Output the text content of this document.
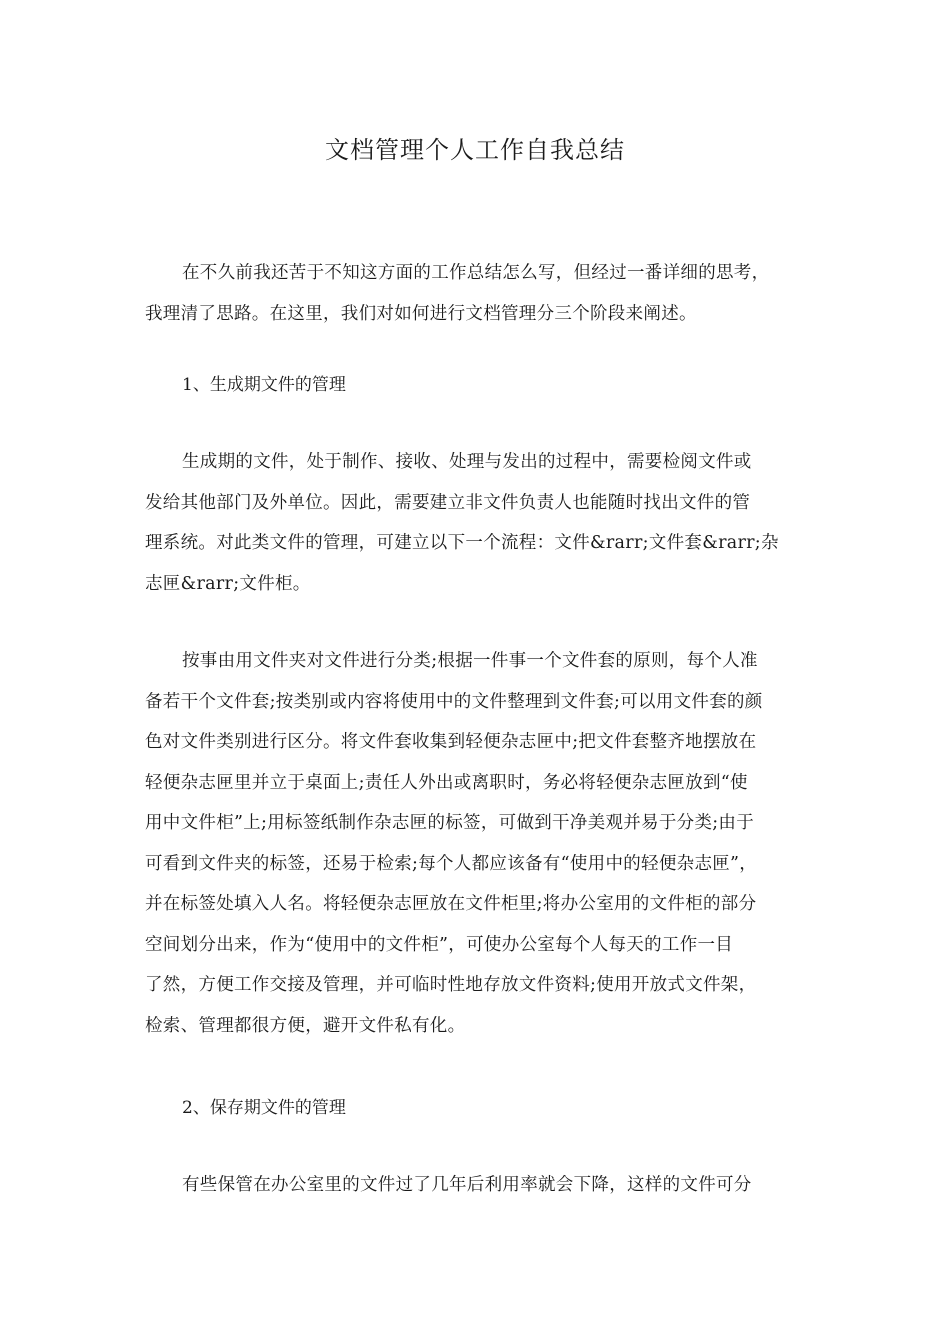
文档管理个人工作自我总结
在不久前我还苦于不知这方面的工作总结怎么写，但经过一番详细的思考，
我理清了思路。在这里，我们对如何进行文档管理分三个阶段来阐述。
1、生成期文件的管理
生成期的文件，处于制作、接收、处理与发出的过程中，需要检阅文件或
发给其他部门及外单位。因此，需要建立非文件负责人也能随时找出文件的管
理系统。对此类文件的管理，可建立以下一个流程：文件&rarr;文件套&rarr;杂
志匣&rarr;文件柜。
按事由用文件夹对文件进行分类;根据一件事一个文件套的原则，每个人准
备若干个文件套;按类别或内容将使用中的文件整理到文件套;可以用文件套的颜
色对文件类别进行区分。将文件套收集到轻便杂志匣中;把文件套整齐地摆放在
轻便杂志匣里并立于桌面上;责任人外出或离职时，务必将轻便杂志匣放到“使
用中文件柜”上;用标签纸制作杂志匣的标签，可做到干净美观并易于分类;由于
可看到文件夹的标签，还易于检索;每个人都应该备有“使用中的轻便杂志匣”，
并在标签处填入人名。将轻便杂志匣放在文件柜里;将办公室用的文件柜的部分
空间划分出来，作为“使用中的文件柜”，可使办公室每个人每天的工作一目
了然，方便工作交接及管理，并可临时性地存放文件资料;使用开放式文件架，
检索、管理都很方便，避开文件私有化。
2、保存期文件的管理
有些保管在办公室里的文件过了几年后利用率就会下降，这样的文件可分
